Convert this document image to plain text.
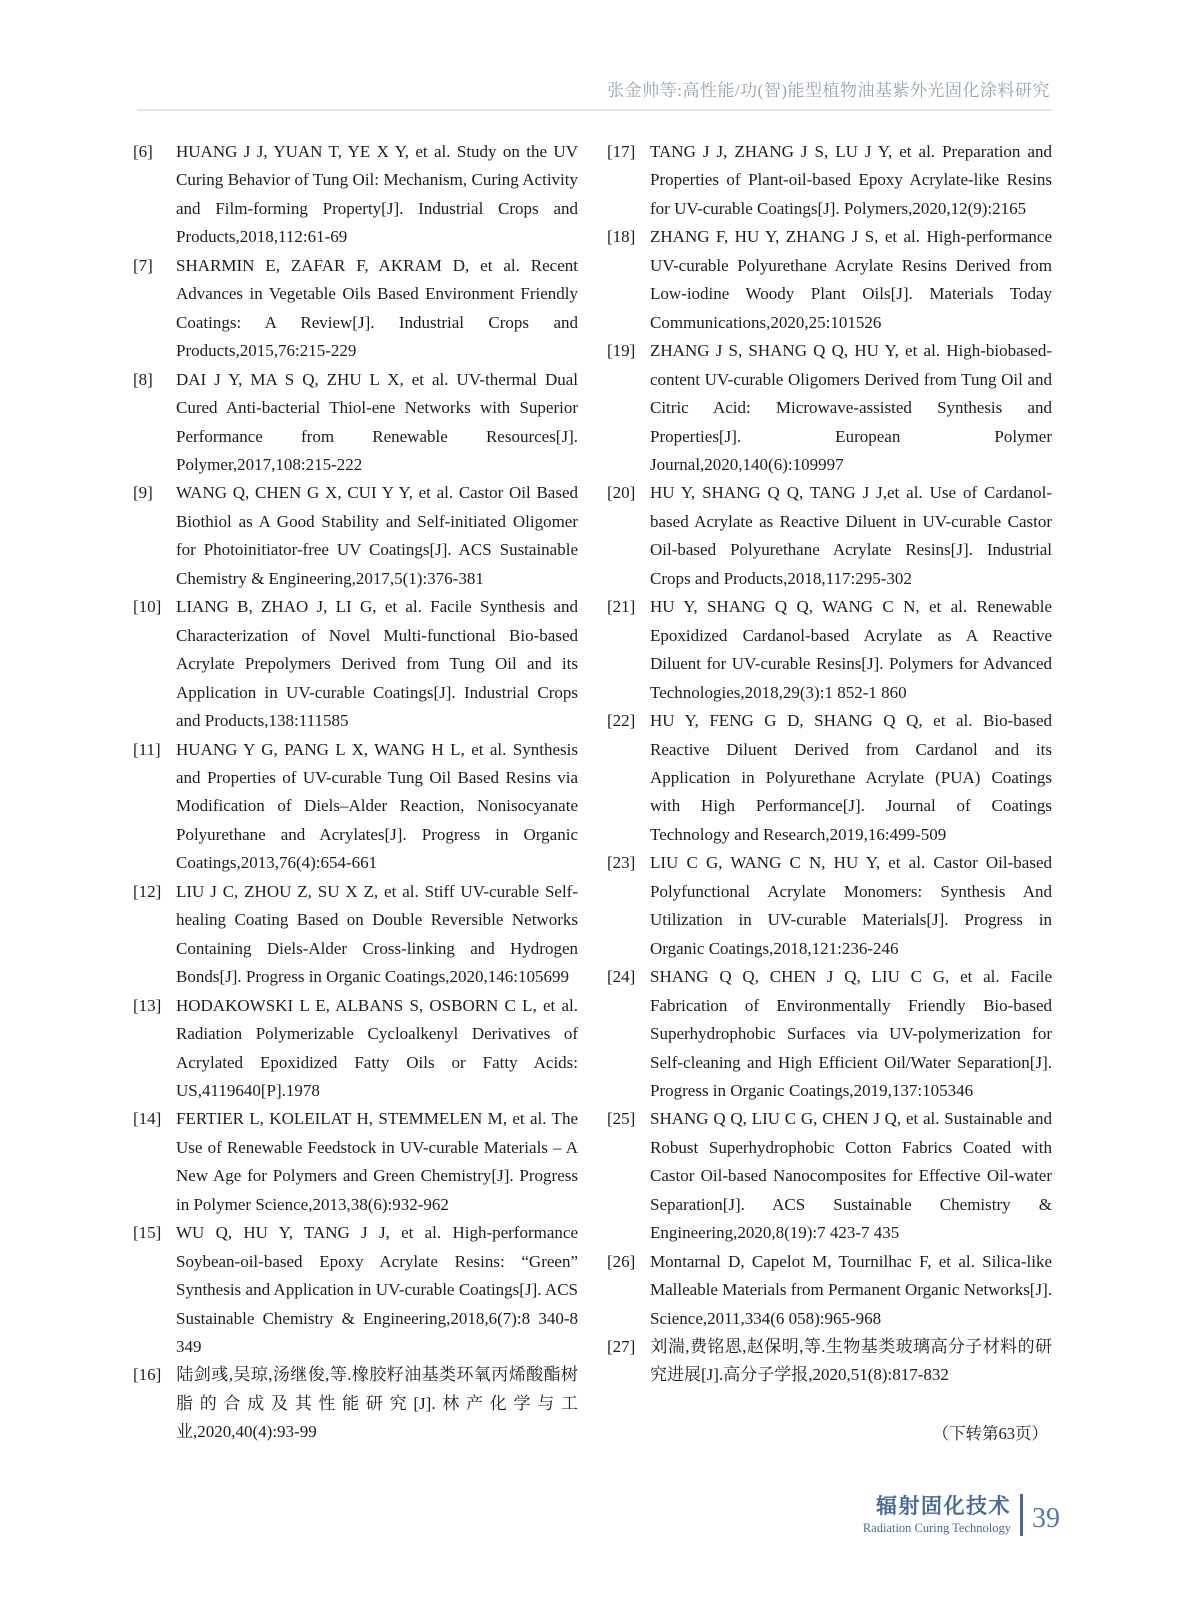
张金帅等:高性能/功(智)能型植物油基紫外光固化涂料研究
[6] HUANG J J, YUAN T, YE X Y, et al. Study on the UV Curing Behavior of Tung Oil: Mechanism, Curing Activity and Film-forming Property[J]. Industrial Crops and Products,2018,112:61-69
[7] SHARMIN E, ZAFAR F, AKRAM D, et al. Recent Advances in Vegetable Oils Based Environment Friendly Coatings: A Review[J]. Industrial Crops and Products,2015,76:215-229
[8] DAI J Y, MA S Q, ZHU L X, et al. UV-thermal Dual Cured Anti-bacterial Thiol-ene Networks with Superior Performance from Renewable Resources[J]. Polymer,2017,108:215-222
[9] WANG Q, CHEN G X, CUI Y Y, et al. Castor Oil Based Biothiol as A Good Stability and Self-initiated Oligomer for Photoinitiator-free UV Coatings[J]. ACS Sustainable Chemistry & Engineering,2017,5(1):376-381
[10] LIANG B, ZHAO J, LI G, et al. Facile Synthesis and Characterization of Novel Multi-functional Bio-based Acrylate Prepolymers Derived from Tung Oil and its Application in UV-curable Coatings[J]. Industrial Crops and Products,138:111585
[11] HUANG Y G, PANG L X, WANG H L, et al. Synthesis and Properties of UV-curable Tung Oil Based Resins via Modification of Diels–Alder Reaction, Nonisocyanate Polyurethane and Acrylates[J]. Progress in Organic Coatings,2013,76(4):654-661
[12] LIU J C, ZHOU Z, SU X Z, et al. Stiff UV-curable Self-healing Coating Based on Double Reversible Networks Containing Diels-Alder Cross-linking and Hydrogen Bonds[J]. Progress in Organic Coatings,2020,146:105699
[13] HODAKOWSKI L E, ALBANS S, OSBORN C L, et al. Radiation Polymerizable Cycloalkenyl Derivatives of Acrylated Epoxidized Fatty Oils or Fatty Acids: US,4119640[P].1978
[14] FERTIER L, KOLEILAT H, STEMMELEN M, et al. The Use of Renewable Feedstock in UV-curable Materials – A New Age for Polymers and Green Chemistry[J]. Progress in Polymer Science,2013,38(6):932-962
[15] WU Q, HU Y, TANG J J, et al. High-performance Soybean-oil-based Epoxy Acrylate Resins: “Green” Synthesis and Application in UV-curable Coatings[J]. ACS Sustainable Chemistry & Engineering,2018,6(7):8 340-8 349
[16] 陆剑彧,吴琼,汤继俊,等.橡胶籽油基类环氧丙烯酸酯树脂的合成及其性能研究[J].林产化学与工业,2020,40(4):93-99
[17] TANG J J, ZHANG J S, LU J Y, et al. Preparation and Properties of Plant-oil-based Epoxy Acrylate-like Resins for UV-curable Coatings[J]. Polymers,2020,12(9):2165
[18] ZHANG F, HU Y, ZHANG J S, et al. High-performance UV-curable Polyurethane Acrylate Resins Derived from Low-iodine Woody Plant Oils[J]. Materials Today Communications,2020,25:101526
[19] ZHANG J S, SHANG Q Q, HU Y, et al. High-biobased-content UV-curable Oligomers Derived from Tung Oil and Citric Acid: Microwave-assisted Synthesis and Properties[J]. European Polymer Journal,2020,140(6):109997
[20] HU Y, SHANG Q Q, TANG J J,et al. Use of Cardanol-based Acrylate as Reactive Diluent in UV-curable Castor Oil-based Polyurethane Acrylate Resins[J]. Industrial Crops and Products,2018,117:295-302
[21] HU Y, SHANG Q Q, WANG C N, et al. Renewable Epoxidized Cardanol-based Acrylate as A Reactive Diluent for UV-curable Resins[J]. Polymers for Advanced Technologies,2018,29(3):1 852-1 860
[22] HU Y, FENG G D, SHANG Q Q, et al. Bio-based Reactive Diluent Derived from Cardanol and its Application in Polyurethane Acrylate (PUA) Coatings with High Performance[J]. Journal of Coatings Technology and Research,2019,16:499-509
[23] LIU C G, WANG C N, HU Y, et al. Castor Oil-based Polyfunctional Acrylate Monomers: Synthesis And Utilization in UV-curable Materials[J]. Progress in Organic Coatings,2018,121:236-246
[24] SHANG Q Q, CHEN J Q, LIU C G, et al. Facile Fabrication of Environmentally Friendly Bio-based Superhydrophobic Surfaces via UV-polymerization for Self-cleaning and High Efficient Oil/Water Separation[J]. Progress in Organic Coatings,2019,137:105346
[25] SHANG Q Q, LIU C G, CHEN J Q, et al. Sustainable and Robust Superhydrophobic Cotton Fabrics Coated with Castor Oil-based Nanocomposites for Effective Oil-water Separation[J]. ACS Sustainable Chemistry & Engineering,2020,8(19):7 423-7 435
[26] Montarnal D, Capelot M, Tournilhac F, et al. Silica-like Malleable Materials from Permanent Organic Networks[J]. Science,2011,334(6 058):965-968
[27] 刘湍,费铭恩,赵保明,等.生物基类玻璃高分子材料的研究进展[J].高分子学报,2020,51(8):817-832
（下转第63页）
辐射固化技术
Radiation Curing Technology 39
